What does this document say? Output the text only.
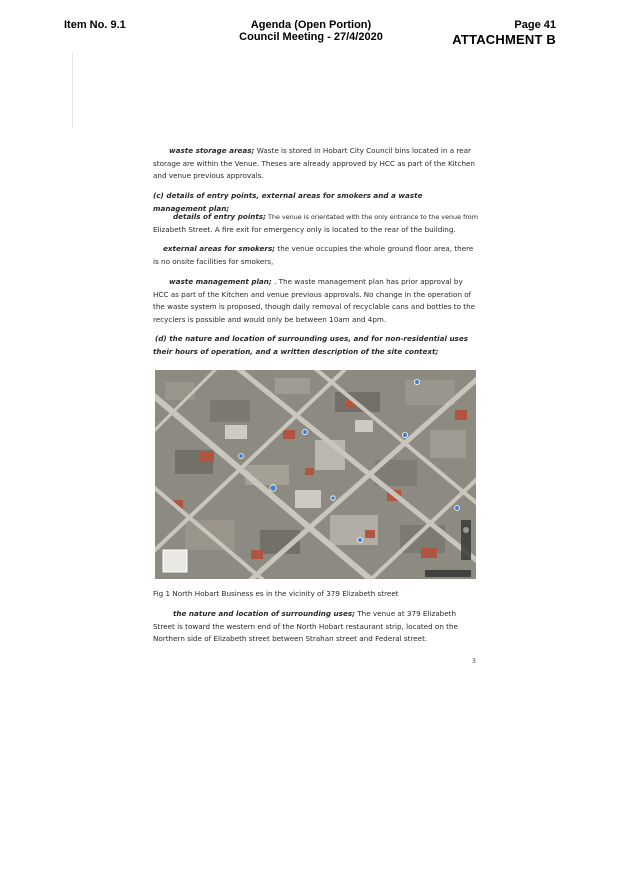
Item No. 9.1	Agenda (Open Portion)
Council Meeting - 27/4/2020
Page 41
ATTACHMENT B
waste storage areas; Waste is stored in Hobart City Council bins located in a rear storage are within the Venue. Theses are already approved by HCC as part of the Kitchen and venue previous approvals.
(c) details of entry points, external areas for smokers and a waste management plan;
details of entry points; The venue is orientated with the only entrance to the venue from
Elizabeth Street. A fire exit for emergency only is located to the rear of the building.
external areas for smokers; the venue occupies the whole ground floor area, there is no onsite facilities for smokers,
waste management plan; . The waste management plan has prior approval by HCC as part of the Kitchen and venue previous approvals. No change in the operation of the waste system is proposed, though daily removal of recyclable cans and bottles to the recyclers is possible and would only be between 10am and 4pm.
(d) the nature and location of surrounding uses, and for non-residential uses their hours of operation, and a written description of the site context;
Fig 1 North Hobart Business es in the vicinity of 379 Elizabeth street
the nature and location of surrounding uses; The venue at 379 Elizabeth Street is toward the western end of the North Hobart restaurant strip, located on the Northern side of Elizabeth street between Strahan street and Federal street.
3
